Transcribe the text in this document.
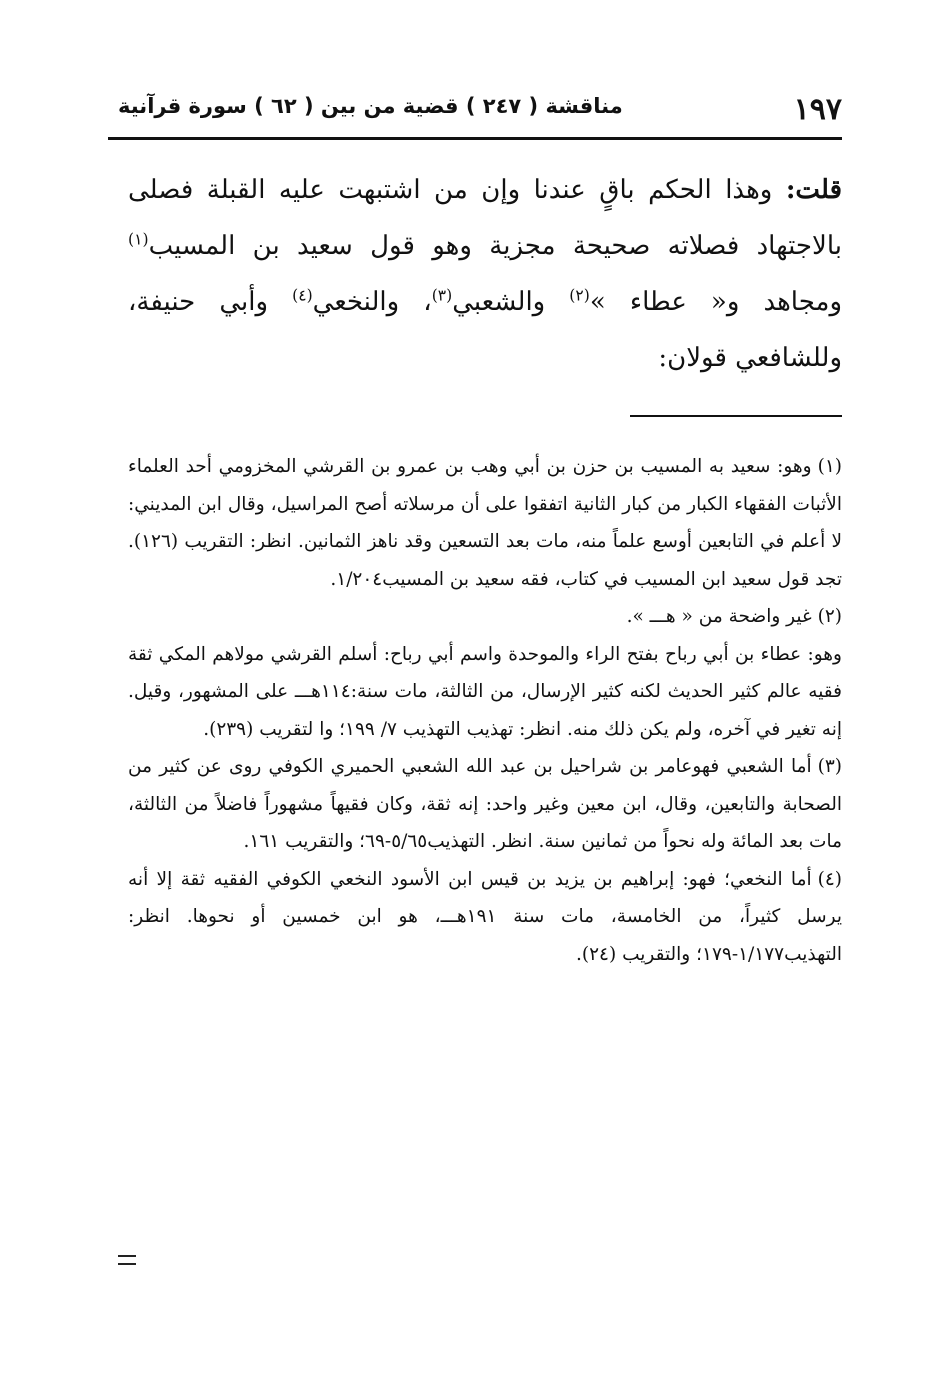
١٩٧
مناقشة ( ٢٤٧ ) قضية من بين ( ٦٢ ) سورة قرآنية
قلت: وهذا الحكم باقٍ عندنا وإن من اشتبهت عليه القبلة فصلى بالاجتهاد فصلاته صحيحة مجزية وهو قول سعيد بن المسيب$^{(١)}$ ومجاهد و« عطاء »$^{(٢)}$ والشعبي$^{(٣)}$، والنخعي$^{(٤)}$ وأبي حنيفة، وللشافعي قولان:

(١)وهو: سعيد به المسيب بن حزن بن أبي وهب بن عمرو بن القرشي المخزومي أحد العلماء الأثبات الفقهاء الكبار من كبار الثانية اتفقوا على أن مرسلاته أصح المراسيل، وقال ابن المديني: لا أعلم في التابعين أوسع علماً منه، مات بعد التسعين وقد ناهز الثمانين. انظر: التقريب (١٢٦). تجد قول سعيد ابن المسيب في كتاب، فقه سعيد بن المسيب١/٢٠٤.

(٢)غير واضحة من « هـــ ».

وهو: عطاء بن أبي رباح بفتح الراء والموحدة واسم أبي رباح: أسلم القرشي مولاهم المكي ثقة فقيه عالم كثير الحديث لكنه كثير الإرسال، من الثالثة، مات سنة:١١٤هـــ على المشهور، وقيل. إنه تغير في آخره، ولم يكن ذلك منه. انظر: تهذيب التهذيب ٧/ ١٩٩؛ وا لتقريب (٢٣٩).

(٣)أما الشعبي فهوعامر بن شراحيل بن عبد الله الشعبي الحميري الكوفي روى عن كثير من الصحابة والتابعين، وقال، ابن معين وغير واحد: إنه ثقة، وكان فقيهاً مشهوراً فاضلاً من الثالثة، مات بعد المائة وله نحواً من ثمانين سنة. انظر. التهذيب٥/٦٥-٦٩؛ والتقريب ١٦١.

(٤)أما النخعي؛ فهو: إبراهيم بن يزيد بن قيس ابن الأسود النخعي الكوفي الفقيه ثقة إلا أنه يرسل كثيراً، من الخامسة، مات سنة ١٩١هـــ، هو ابن خمسين أو نحوها. انظر: التهذيب١/١٧٧-١٧٩؛ والتقريب (٢٤).
